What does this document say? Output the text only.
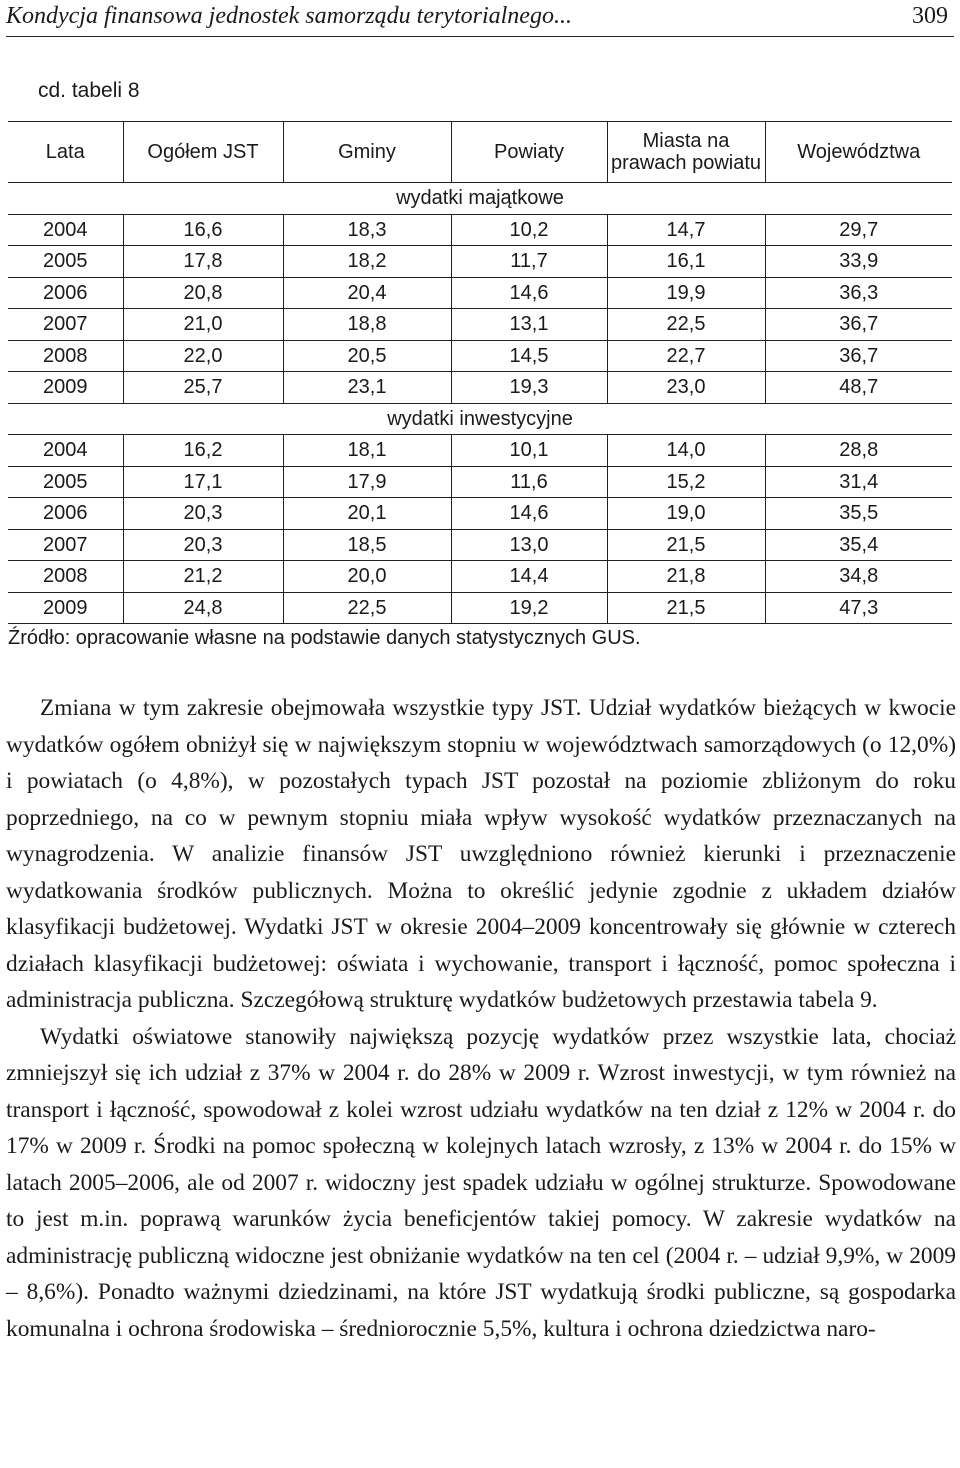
Kondycja finansowa jednostek samorządu terytorialnego...	309
cd. tabeli 8
Lata	Ogółem JST	Gminy	Powiaty	Miasta na prawach powiatu	Województwa
wydatki majątkowe					
2004	16,6	18,3	10,2	14,7	29,7
2005	17,8	18,2	11,7	16,1	33,9
2006	20,8	20,4	14,6	19,9	36,3
2007	21,0	18,8	13,1	22,5	36,7
2008	22,0	20,5	14,5	22,7	36,7
2009	25,7	23,1	19,3	23,0	48,7
wydatki inwestycyjne					
2004	16,2	18,1	10,1	14,0	28,8
2005	17,1	17,9	11,6	15,2	31,4
2006	20,3	20,1	14,6	19,0	35,5
2007	20,3	18,5	13,0	21,5	35,4
2008	21,2	20,0	14,4	21,8	34,8
2009	24,8	22,5	19,2	21,5	47,3
Źródło: opracowanie własne na podstawie danych statystycznych GUS.

Zmiana w tym zakresie obejmowała wszystkie typy JST. Udział wydatków bieżących w kwocie wydatków ogółem obniżył się w największym stopniu w województwach samorządowych (o 12,0%) i powiatach (o 4,8%), w pozostałych typach JST pozostał na poziomie zbliżonym do roku poprzedniego, na co w pewnym stopniu miała wpływ wysokość wydatków przeznaczanych na wynagrodzenia. W analizie finansów JST uwzględniono również kierunki i przeznaczenie wydatkowania środków publicznych. Można to określić jedynie zgodnie z układem działów klasyfikacji budżetowej. Wydatki JST w okresie 2004–2009 koncentrowały się głównie w czterech działach klasyfikacji budżetowej: oświata i wychowanie, transport i łączność, pomoc społeczna i administracja publiczna. Szczegółową strukturę wydatków budżetowych przestawia tabela 9.

Wydatki oświatowe stanowiły największą pozycję wydatków przez wszystkie lata, chociaż zmniejszył się ich udział z 37% w 2004 r. do 28% w 2009 r. Wzrost inwestycji, w tym również na transport i łączność, spowodował z kolei wzrost udziału wydatków na ten dział z 12% w 2004 r. do 17% w 2009 r. Środki na pomoc społeczną w kolejnych latach wzrosły, z 13% w 2004 r. do 15% w latach 2005–2006, ale od 2007 r. widoczny jest spadek udziału w ogólnej strukturze. Spowodowane to jest m.in. poprawą warunków życia beneficjentów takiej pomocy. W zakresie wydatków na administrację publiczną widoczne jest obniżanie wydatków na ten cel (2004 r. – udział 9,9%, w 2009 – 8,6%). Ponadto ważnymi dziedzinami, na które JST wydatkują środki publiczne, są gospodarka komunalna i ochrona środowiska – średniorocznie 5,5%, kultura i ochrona dziedzictwa naro-
